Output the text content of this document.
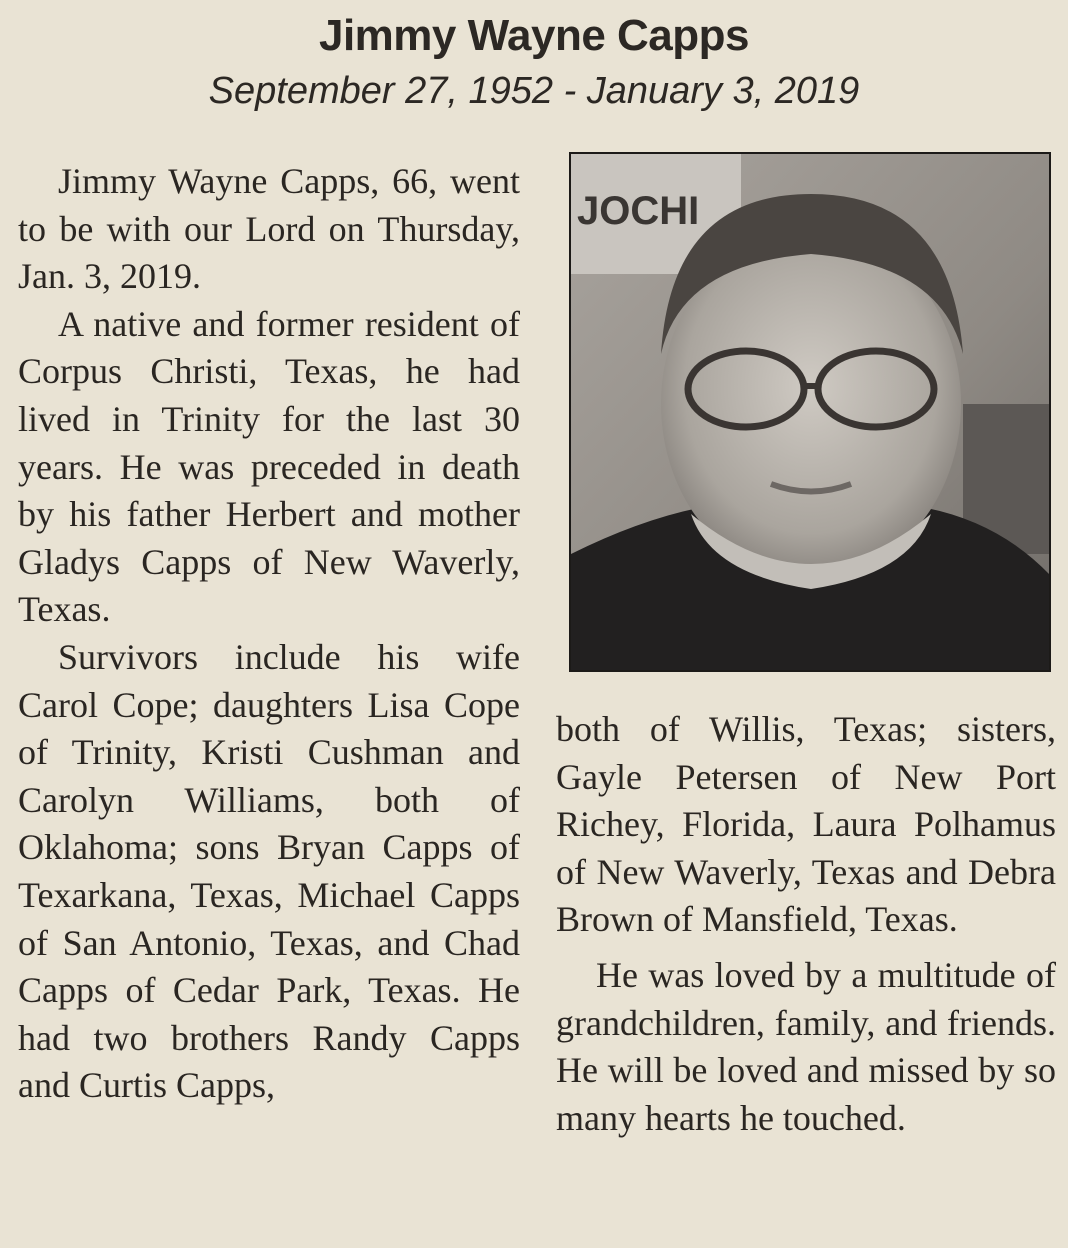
Jimmy Wayne Capps
September 27, 1952 - January 3, 2019

Jimmy Wayne Capps, 66, went to be with our Lord on Thursday, Jan. 3, 2019.

A native and former resident of Corpus Christi, Texas, he had lived in Trinity for the last 30 years. He was preceded in death by his father Herbert and mother Gladys Capps of New Waverly, Texas.

Survivors include his wife Carol Cope; daughters Lisa Cope of Trinity, Kristi Cushman and Carolyn Williams, both of Oklahoma; sons Bryan Capps of Texarkana, Texas, Michael Capps of San Antonio, Texas, and Chad Capps of Cedar Park, Texas. He had two brothers Randy Capps and Curtis Capps,

JOCHI

both of Willis, Texas; sisters, Gayle Petersen of New Port Richey, Florida, Laura Polhamus of New Waverly, Texas and Debra Brown of Mansfield, Texas.

He was loved by a multitude of grandchildren, family, and friends. He will be loved and missed by so many hearts he touched.
